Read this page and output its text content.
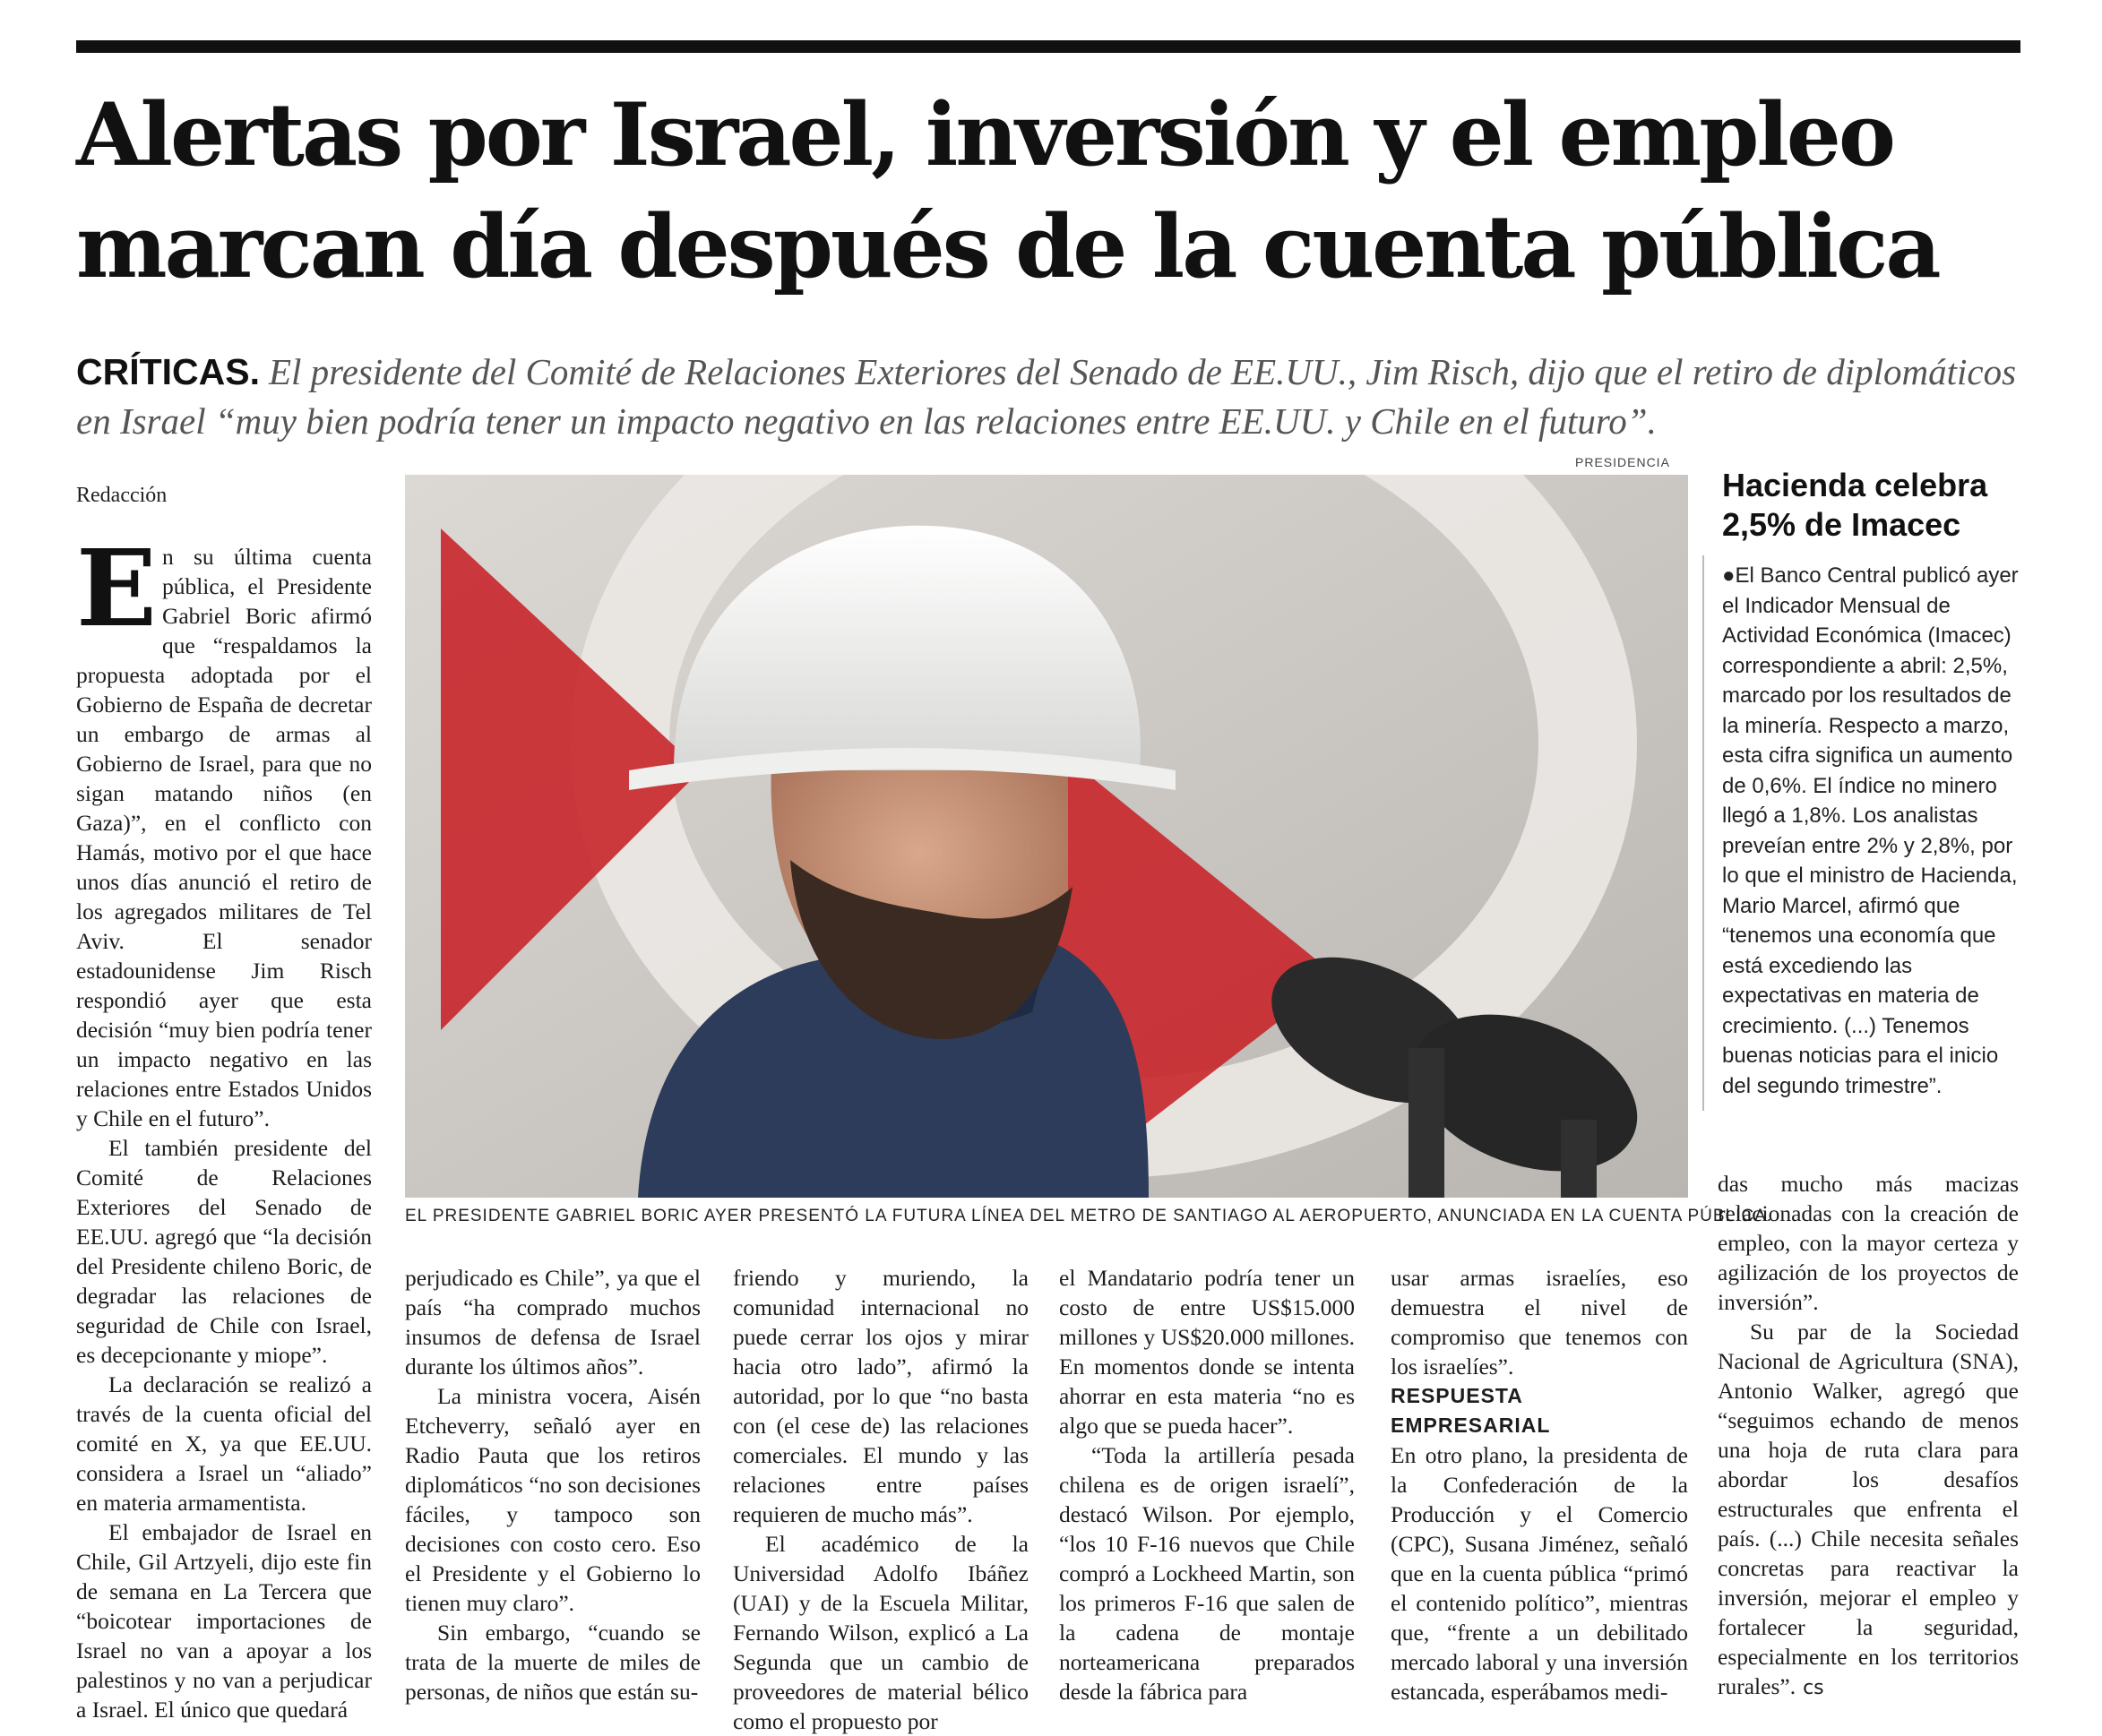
Alertas por Israel, inversión y el empleo
marcan día después de la cuenta pública
CRÍTICAS. El presidente del Comité de Relaciones Exteriores del Senado de EE.UU., Jim Risch, dijo que el retiro de diplomáticos en Israel “muy bien podría tener un impacto negativo en las relaciones entre EE.UU. y Chile en el futuro”.
Redacción

En su última cuenta pública, el Presidente Gabriel Boric afirmó que “respaldamos la propuesta adoptada por el Gobierno de España de decretar un embargo de armas al Gobierno de Israel, para que no sigan matando niños (en Gaza)”, en el conflicto con Hamás, motivo por el que hace unos días anunció el retiro de los agregados militares de Tel Aviv. El senador estadounidense Jim Risch respondió ayer que esta decisión “muy bien podría tener un impacto negativo en las relaciones entre Estados Unidos y Chile en el futuro”.

El también presidente del Comité de Relaciones Exteriores del Senado de EE.UU. agregó que “la decisión del Presidente chileno Boric, de degradar las relaciones de seguridad de Chile con Israel, es decepcionante y miope”.

La declaración se realizó a través de la cuenta oficial del comité en X, ya que EE.UU. considera a Israel un “aliado” en materia armamentista.

El embajador de Israel en Chile, Gil Artzyeli, dijo este fin de semana en La Tercera que “boicotear importaciones de Israel no van a apoyar a los palestinos y no van a perjudicar a Israel. El único que quedará

PRESIDENCIA
EL PRESIDENTE GABRIEL BORIC AYER PRESENTÓ LA FUTURA LÍNEA DEL METRO DE SANTIAGO AL AEROPUERTO, ANUNCIADA EN LA CUENTA PÚBLICA.

perjudicado es Chile”, ya que el país “ha comprado muchos insumos de defensa de Israel durante los últimos años”.

La ministra vocera, Aisén Etcheverry, señaló ayer en Radio Pauta que los retiros diplomáticos “no son decisiones fáciles, y tampoco son decisiones con costo cero. Eso el Presidente y el Gobierno lo tienen muy claro”.

Sin embargo, “cuando se trata de la muerte de miles de personas, de niños que están su-

friendo y muriendo, la comunidad internacional no puede cerrar los ojos y mirar hacia otro lado”, afirmó la autoridad, por lo que “no basta con (el cese de) las relaciones comerciales. El mundo y las relaciones entre países requieren de mucho más”.

El académico de la Universidad Adolfo Ibáñez (UAI) y de la Escuela Militar, Fernando Wilson, explicó a La Segunda que un cambio de proveedores de material bélico como el propuesto por

el Mandatario podría tener un costo de entre US$15.000 millones y US$20.000 millones. En momentos donde se intenta ahorrar en esta materia “no es algo que se pueda hacer”.

“Toda la artillería pesada chilena es de origen israelí”, destacó Wilson. Por ejemplo, “los 10 F-16 nuevos que Chile compró a Lockheed Martin, son los primeros F-16 que salen de la cadena de montaje norteamericana preparados desde la fábrica para

usar armas israelíes, eso demuestra el nivel de compromiso que tenemos con los israelíes”.

RESPUESTA EMPRESARIAL

En otro plano, la presidenta de la Confederación de la Producción y el Comercio (CPC), Susana Jiménez, señaló que en la cuenta pública “primó el contenido político”, mientras que, “frente a un debilitado mercado laboral y una inversión estancada, esperábamos medi-

das mucho más macizas relacionadas con la creación de empleo, con la mayor certeza y agilización de los proyectos de inversión”.

Su par de la Sociedad Nacional de Agricultura (SNA), Antonio Walker, agregó que “seguimos echando de menos una hoja de ruta clara para abordar los desafíos estructurales que enfrenta el país. (...) Chile necesita señales concretas para reactivar la inversión, mejorar el empleo y fortalecer la seguridad, especialmente en los territorios rurales”. cs

Hacienda celebra 2,5% de Imacec
●El Banco Central publicó ayer el Indicador Mensual de Actividad Económica (Imacec) correspondiente a abril: 2,5%, marcado por los resultados de la minería. Respecto a marzo, esta cifra significa un aumento de 0,6%. El índice no minero llegó a 1,8%. Los analistas preveían entre 2% y 2,8%, por lo que el ministro de Hacienda, Mario Marcel, afirmó que “tenemos una economía que está excediendo las expectativas en materia de crecimiento. (...) Tenemos buenas noticias para el inicio del segundo trimestre”.
